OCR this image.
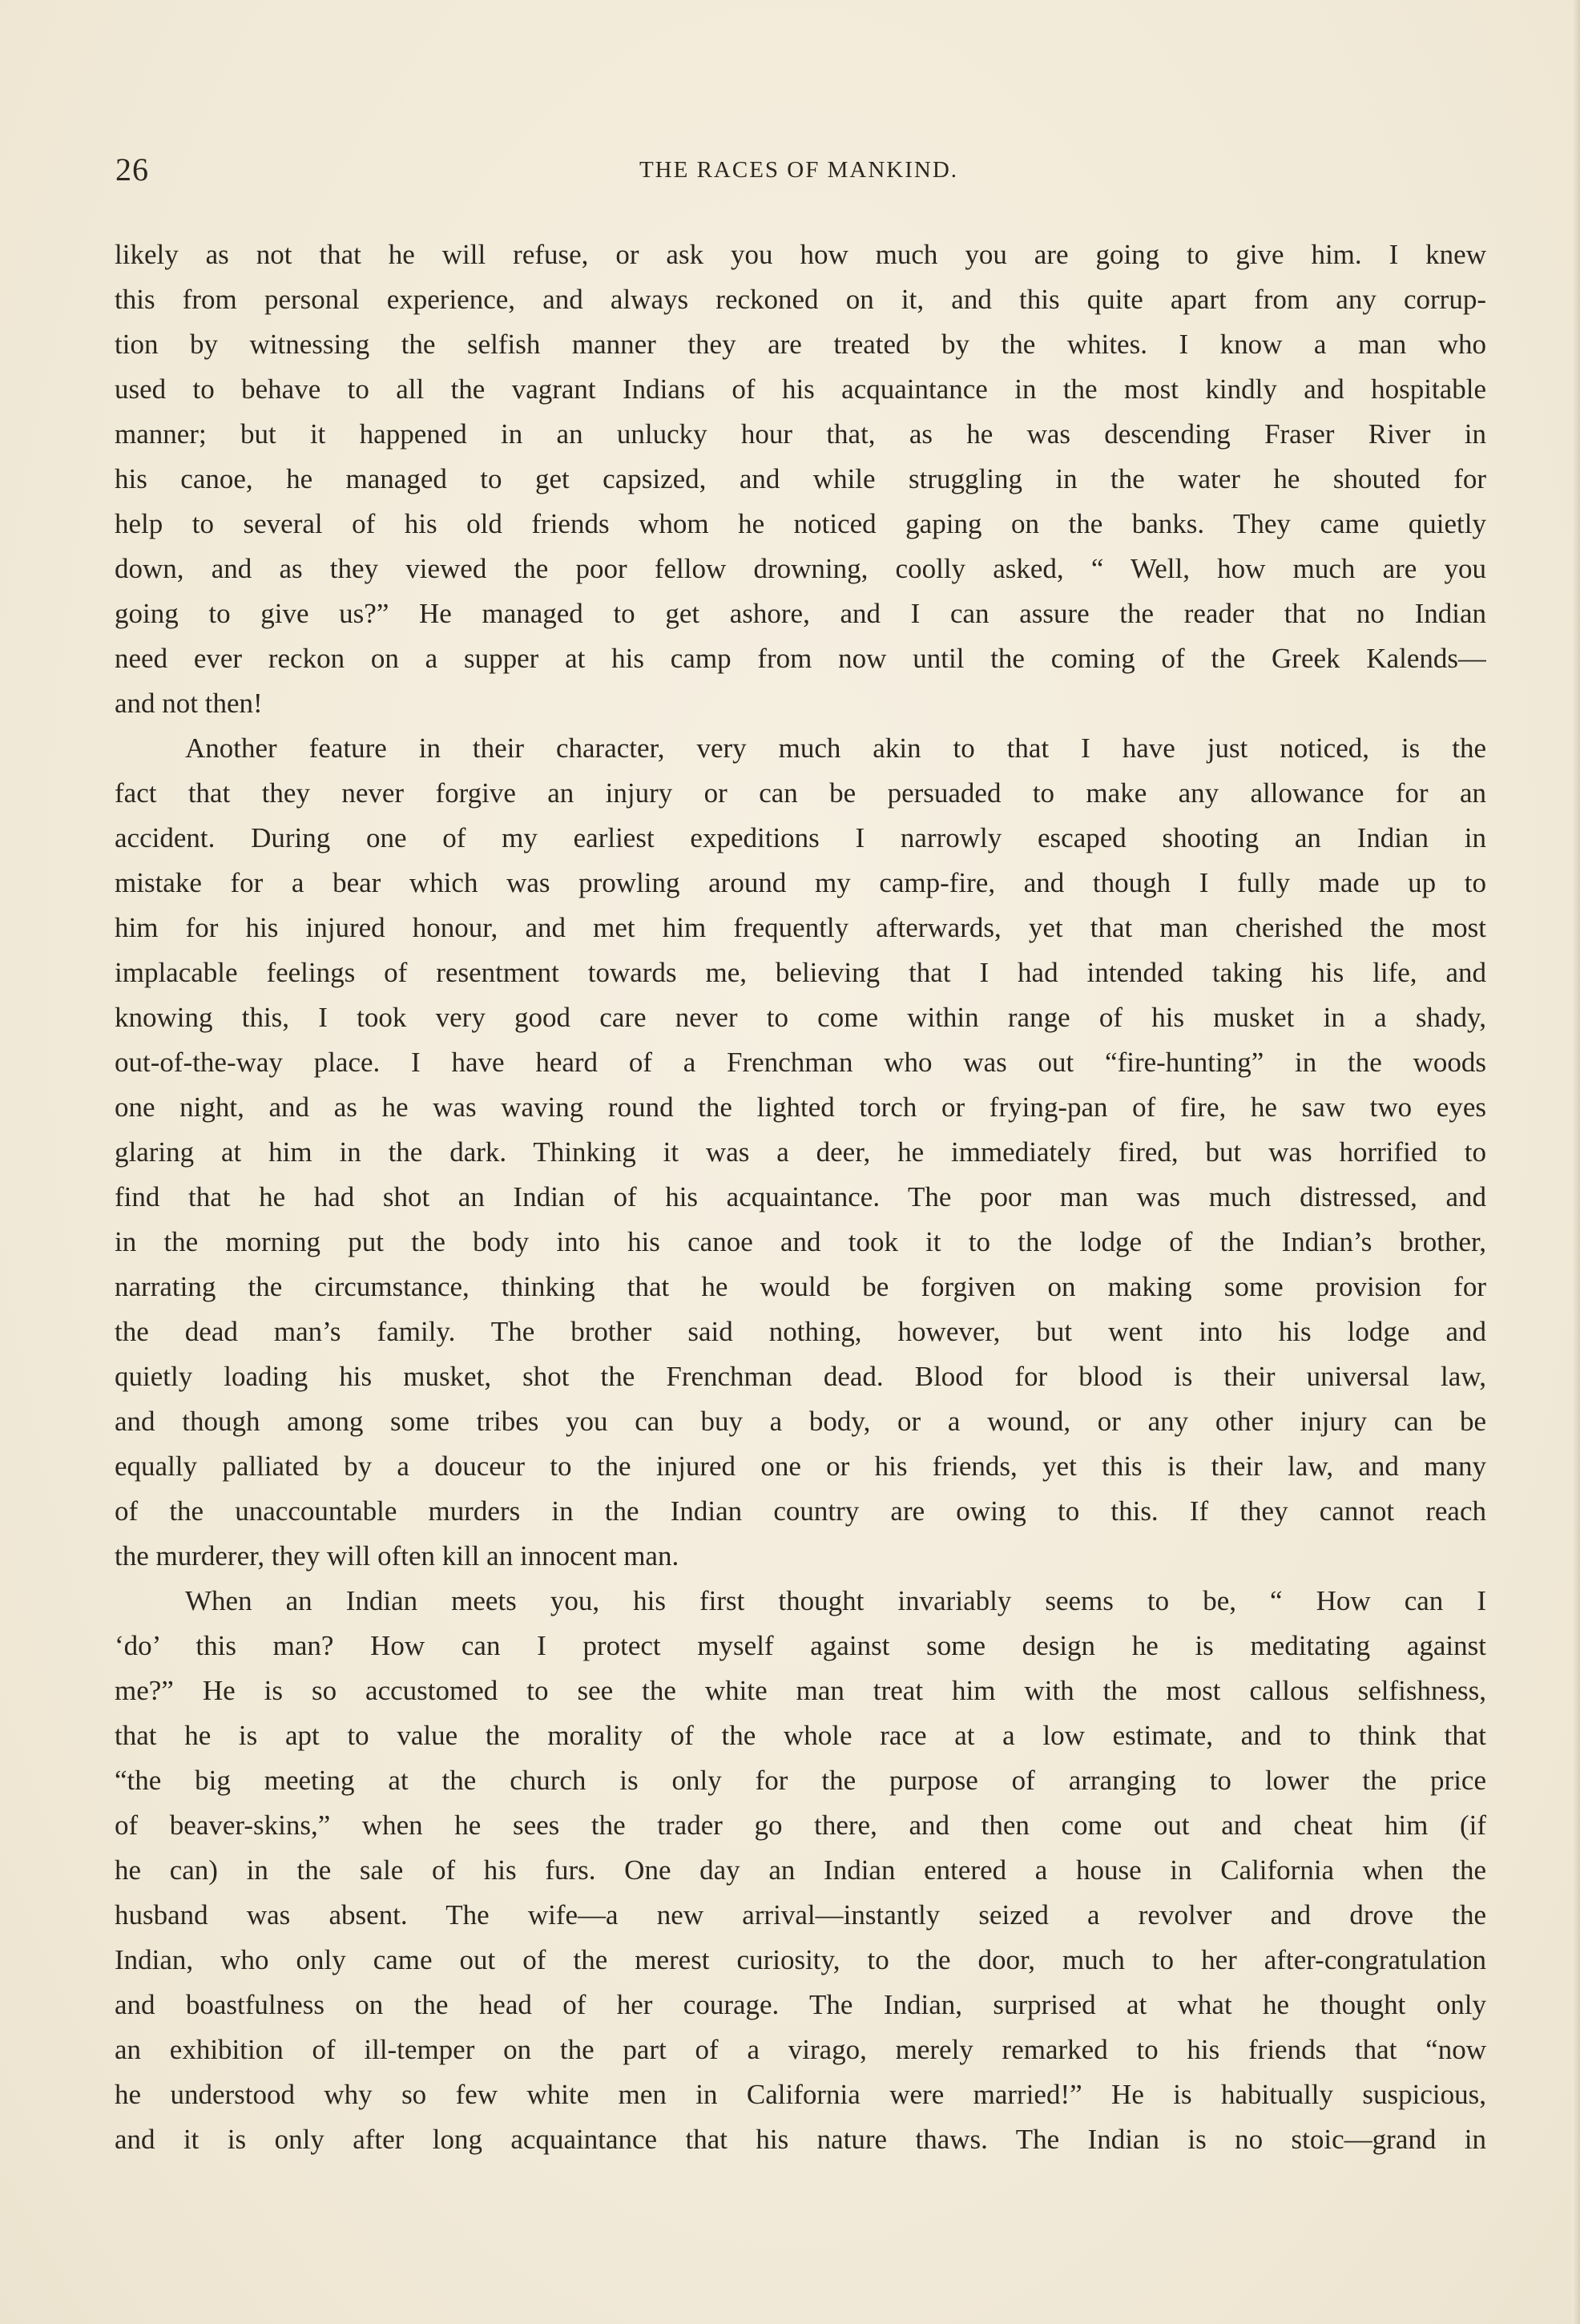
26	THE RACES OF MANKIND.
likely as not that he will refuse, or ask you how much you are going to give him. I knew
this from personal experience, and always reckoned on it, and this quite apart from any corrup-
tion by witnessing the selfish manner they are treated by the whites. I know a man who
used to behave to all the vagrant Indians of his acquaintance in the most kindly and hospitable
manner; but it happened in an unlucky hour that, as he was descending Fraser River in
his canoe, he managed to get capsized, and while struggling in the water he shouted for
help to several of his old friends whom he noticed gaping on the banks. They came quietly
down, and as they viewed the poor fellow drowning, coolly asked, “ Well, how much are you
going to give us?” He managed to get ashore, and I can assure the reader that no Indian
need ever reckon on a supper at his camp from now until the coming of the Greek Kalends—
and not then!
Another feature in their character, very much akin to that I have just noticed, is the
fact that they never forgive an injury or can be persuaded to make any allowance for an
accident. During one of my earliest expeditions I narrowly escaped shooting an Indian in
mistake for a bear which was prowling around my camp-fire, and though I fully made up to
him for his injured honour, and met him frequently afterwards, yet that man cherished the most
implacable feelings of resentment towards me, believing that I had intended taking his life, and
knowing this, I took very good care never to come within range of his musket in a shady,
out-of-the-way place. I have heard of a Frenchman who was out “fire-hunting” in the woods
one night, and as he was waving round the lighted torch or frying-pan of fire, he saw two eyes
glaring at him in the dark. Thinking it was a deer, he immediately fired, but was horrified to
find that he had shot an Indian of his acquaintance. The poor man was much distressed, and
in the morning put the body into his canoe and took it to the lodge of the Indian’s brother,
narrating the circumstance, thinking that he would be forgiven on making some provision for
the dead man’s family. The brother said nothing, however, but went into his lodge and
quietly loading his musket, shot the Frenchman dead. Blood for blood is their universal law,
and though among some tribes you can buy a body, or a wound, or any other injury can be
equally palliated by a douceur to the injured one or his friends, yet this is their law, and many
of the unaccountable murders in the Indian country are owing to this. If they cannot reach
the murderer, they will often kill an innocent man.
When an Indian meets you, his first thought invariably seems to be, “ How can I
‘do’ this man? How can I protect myself against some design he is meditating against
me?” He is so accustomed to see the white man treat him with the most callous selfishness,
that he is apt to value the morality of the whole race at a low estimate, and to think that
“the big meeting at the church is only for the purpose of arranging to lower the price
of beaver-skins,” when he sees the trader go there, and then come out and cheat him (if
he can) in the sale of his furs. One day an Indian entered a house in California when the
husband was absent. The wife—a new arrival—instantly seized a revolver and drove the
Indian, who only came out of the merest curiosity, to the door, much to her after-congratulation
and boastfulness on the head of her courage. The Indian, surprised at what he thought only
an exhibition of ill-temper on the part of a virago, merely remarked to his friends that “now
he understood why so few white men in California were married!” He is habitually suspicious,
and it is only after long acquaintance that his nature thaws. The Indian is no stoic—grand in
